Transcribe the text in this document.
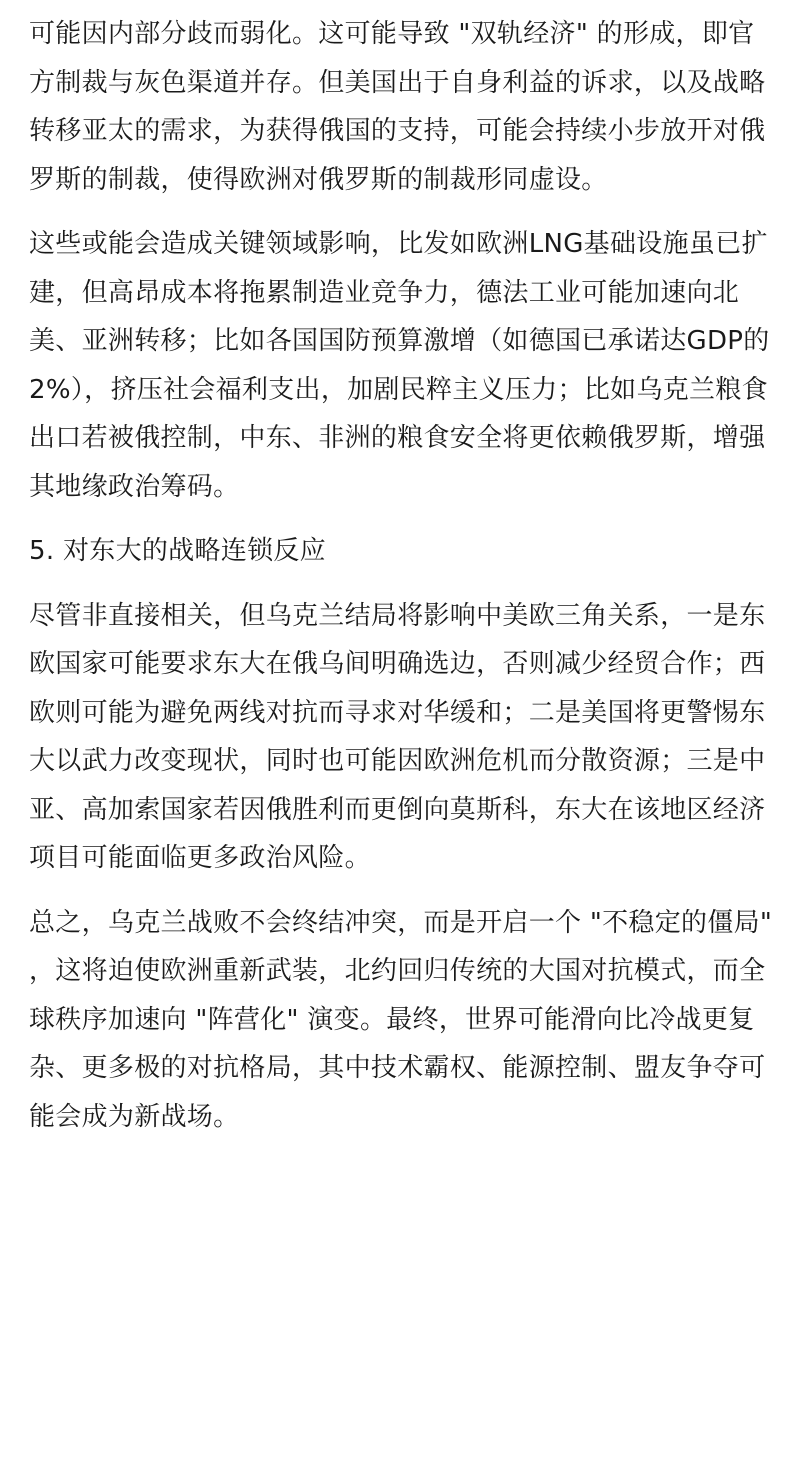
可能因内部分歧而弱化。这可能导致 "双轨经济" 的形成，即官方制裁与灰色渠道并存。但美国出于自身利益的诉求，以及战略转移亚太的需求，为获得俄国的支持，可能会持续小步放开对俄罗斯的制裁，使得欧洲对俄罗斯的制裁形同虚设。

这些或能会造成关键领域影响，比发如欧洲LNG基础设施虽已扩建，但高昂成本将拖累制造业竞争力，德法工业可能加速向北美、亚洲转移；比如各国国防预算激增（如德国已承诺达GDP的2%），挤压社会福利支出，加剧民粹主义压力；比如乌克兰粮食出口若被俄控制，中东、非洲的粮食安全将更依赖俄罗斯，增强其地缘政治筹码。

5. 对东大的战略连锁反应

尽管非直接相关，但乌克兰结局将影响中美欧三角关系，一是东欧国家可能要求东大在俄乌间明确选边，否则减少经贸合作；西欧则可能为避免两线对抗而寻求对华缓和；二是美国将更警惕东大以武力改变现状，同时也可能因欧洲危机而分散资源；三是中亚、高加索国家若因俄胜利而更倒向莫斯科，东大在该地区经济项目可能面临更多政治风险。

总之，乌克兰战败不会终结冲突，而是开启一个 "不稳定的僵局" ，这将迫使欧洲重新武装，北约回归传统的大国对抗模式，而全球秩序加速向 "阵营化" 演变。最终，世界可能滑向比冷战更复杂、更多极的对抗格局，其中技术霸权、能源控制、盟友争夺可能会成为新战场。
